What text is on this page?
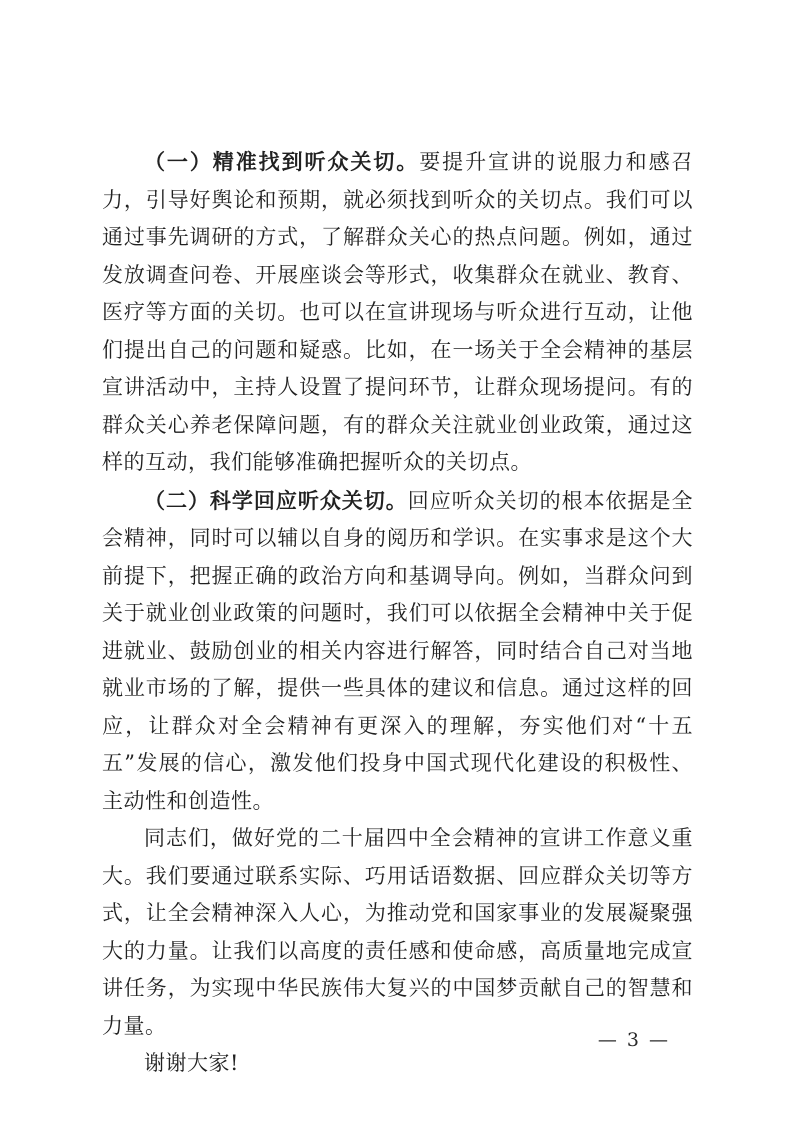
（一）精准找到听众关切。要提升宣讲的说服力和感召力，引导好舆论和预期，就必须找到听众的关切点。我们可以通过事先调研的方式，了解群众关心的热点问题。例如，通过发放调查问卷、开展座谈会等形式，收集群众在就业、教育、医疗等方面的关切。也可以在宣讲现场与听众进行互动，让他们提出自己的问题和疑惑。比如，在一场关于全会精神的基层宣讲活动中，主持人设置了提问环节，让群众现场提问。有的群众关心养老保障问题，有的群众关注就业创业政策，通过这样的互动，我们能够准确把握听众的关切点。

（二）科学回应听众关切。回应听众关切的根本依据是全会精神，同时可以辅以自身的阅历和学识。在实事求是这个大前提下，把握正确的政治方向和基调导向。例如，当群众问到关于就业创业政策的问题时，我们可以依据全会精神中关于促进就业、鼓励创业的相关内容进行解答，同时结合自己对当地就业市场的了解，提供一些具体的建议和信息。通过这样的回应，让群众对全会精神有更深入的理解，夯实他们对“十五五”发展的信心，激发他们投身中国式现代化建设的积极性、主动性和创造性。

同志们，做好党的二十届四中全会精神的宣讲工作意义重大。我们要通过联系实际、巧用话语数据、回应群众关切等方式，让全会精神深入人心，为推动党和国家事业的发展凝聚强大的力量。让我们以高度的责任感和使命感，高质量地完成宣讲任务，为实现中华民族伟大复兴的中国梦贡献自己的智慧和力量。

谢谢大家!

— 3 —
